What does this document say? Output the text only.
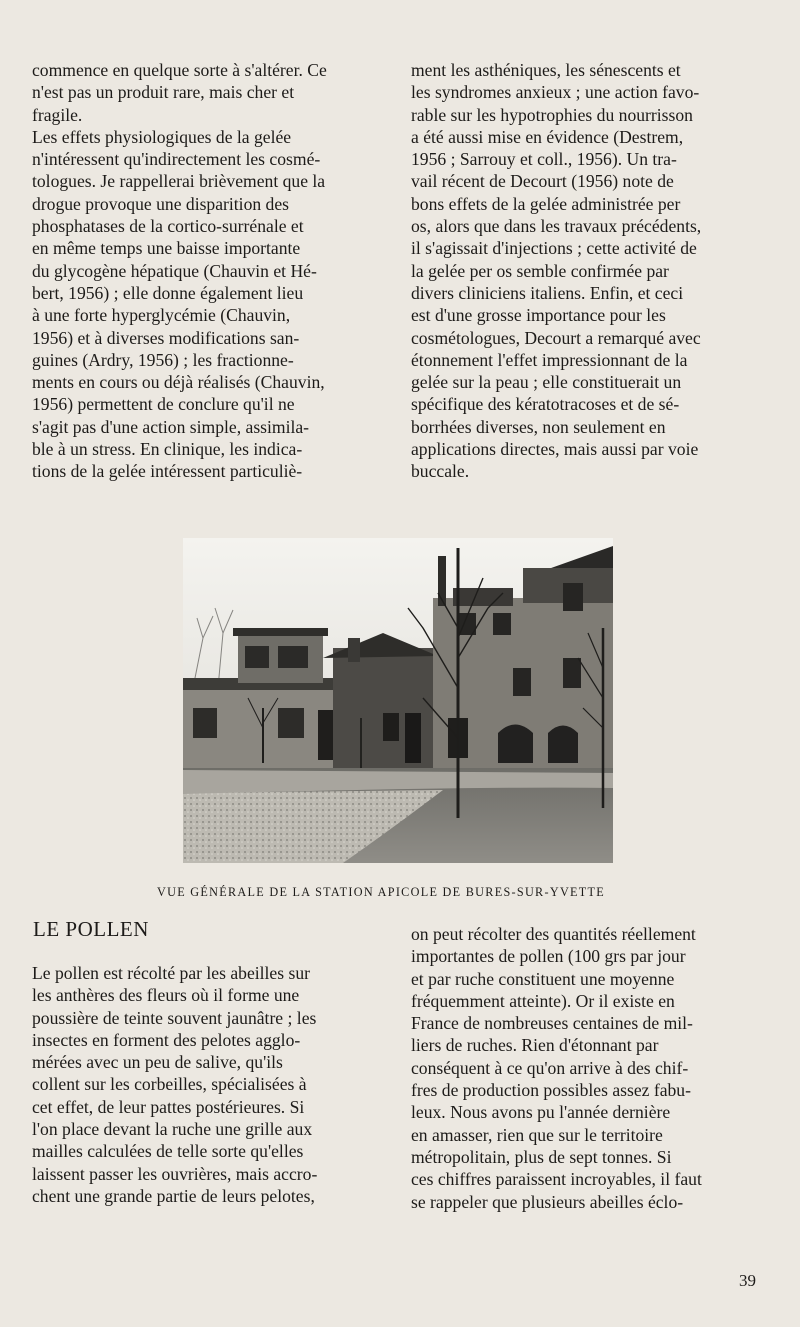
commence en quelque sorte à s'altérer. Ce
n'est pas un produit rare, mais cher et
fragile.
Les effets physiologiques de la gelée
n'intéressent qu'indirectement les cosmé-
tologues. Je rappellerai brièvement que la
drogue provoque une disparition des
phosphatases de la cortico-surrénale et
en même temps une baisse importante
du glycogène hépatique (Chauvin et Hé-
bert, 1956) ; elle donne également lieu
à une forte hyperglycémie (Chauvin,
1956) et à diverses modifications san-
guines (Ardry, 1956) ; les fractionne-
ments en cours ou déjà réalisés (Chauvin,
1956) permettent de conclure qu'il ne
s'agit pas d'une action simple, assimila-
ble à un stress. En clinique, les indica-
tions de la gelée intéressent particuliè-
ment les asthéniques, les sénescents et
les syndromes anxieux ; une action favo-
rable sur les hypotrophies du nourrisson
a été aussi mise en évidence (Destrem,
1956 ; Sarrouy et coll., 1956). Un tra-
vail récent de Decourt (1956) note de
bons effets de la gelée administrée per
os, alors que dans les travaux précédents,
il s'agissait d'injections ; cette activité de
la gelée per os semble confirmée par
divers cliniciens italiens. Enfin, et ceci
est d'une grosse importance pour les
cosmétologues, Decourt a remarqué avec
étonnement l'effet impressionnant de la
gelée sur la peau ; elle constituerait un
spécifique des kératotracoses et de sé-
borrhées diverses, non seulement en
applications directes, mais aussi par voie
buccale.
VUE GÉNÉRALE DE LA STATION APICOLE DE BURES-SUR-YVETTE
LE POLLEN
Le pollen est récolté par les abeilles sur
les anthères des fleurs où il forme une
poussière de teinte souvent jaunâtre ; les
insectes en forment des pelotes agglo-
mérées avec un peu de salive, qu'ils
collent sur les corbeilles, spécialisées à
cet effet, de leur pattes postérieures. Si
l'on place devant la ruche une grille aux
mailles calculées de telle sorte qu'elles
laissent passer les ouvrières, mais accro-
chent une grande partie de leurs pelotes,
on peut récolter des quantités réellement
importantes de pollen (100 grs par jour
et par ruche constituent une moyenne
fréquemment atteinte). Or il existe en
France de nombreuses centaines de mil-
liers de ruches. Rien d'étonnant par
conséquent à ce qu'on arrive à des chif-
fres de production possibles assez fabu-
leux. Nous avons pu l'année dernière
en amasser, rien que sur le territoire
métropolitain, plus de sept tonnes. Si
ces chiffres paraissent incroyables, il faut
se rappeler que plusieurs abeilles éclo-
39
